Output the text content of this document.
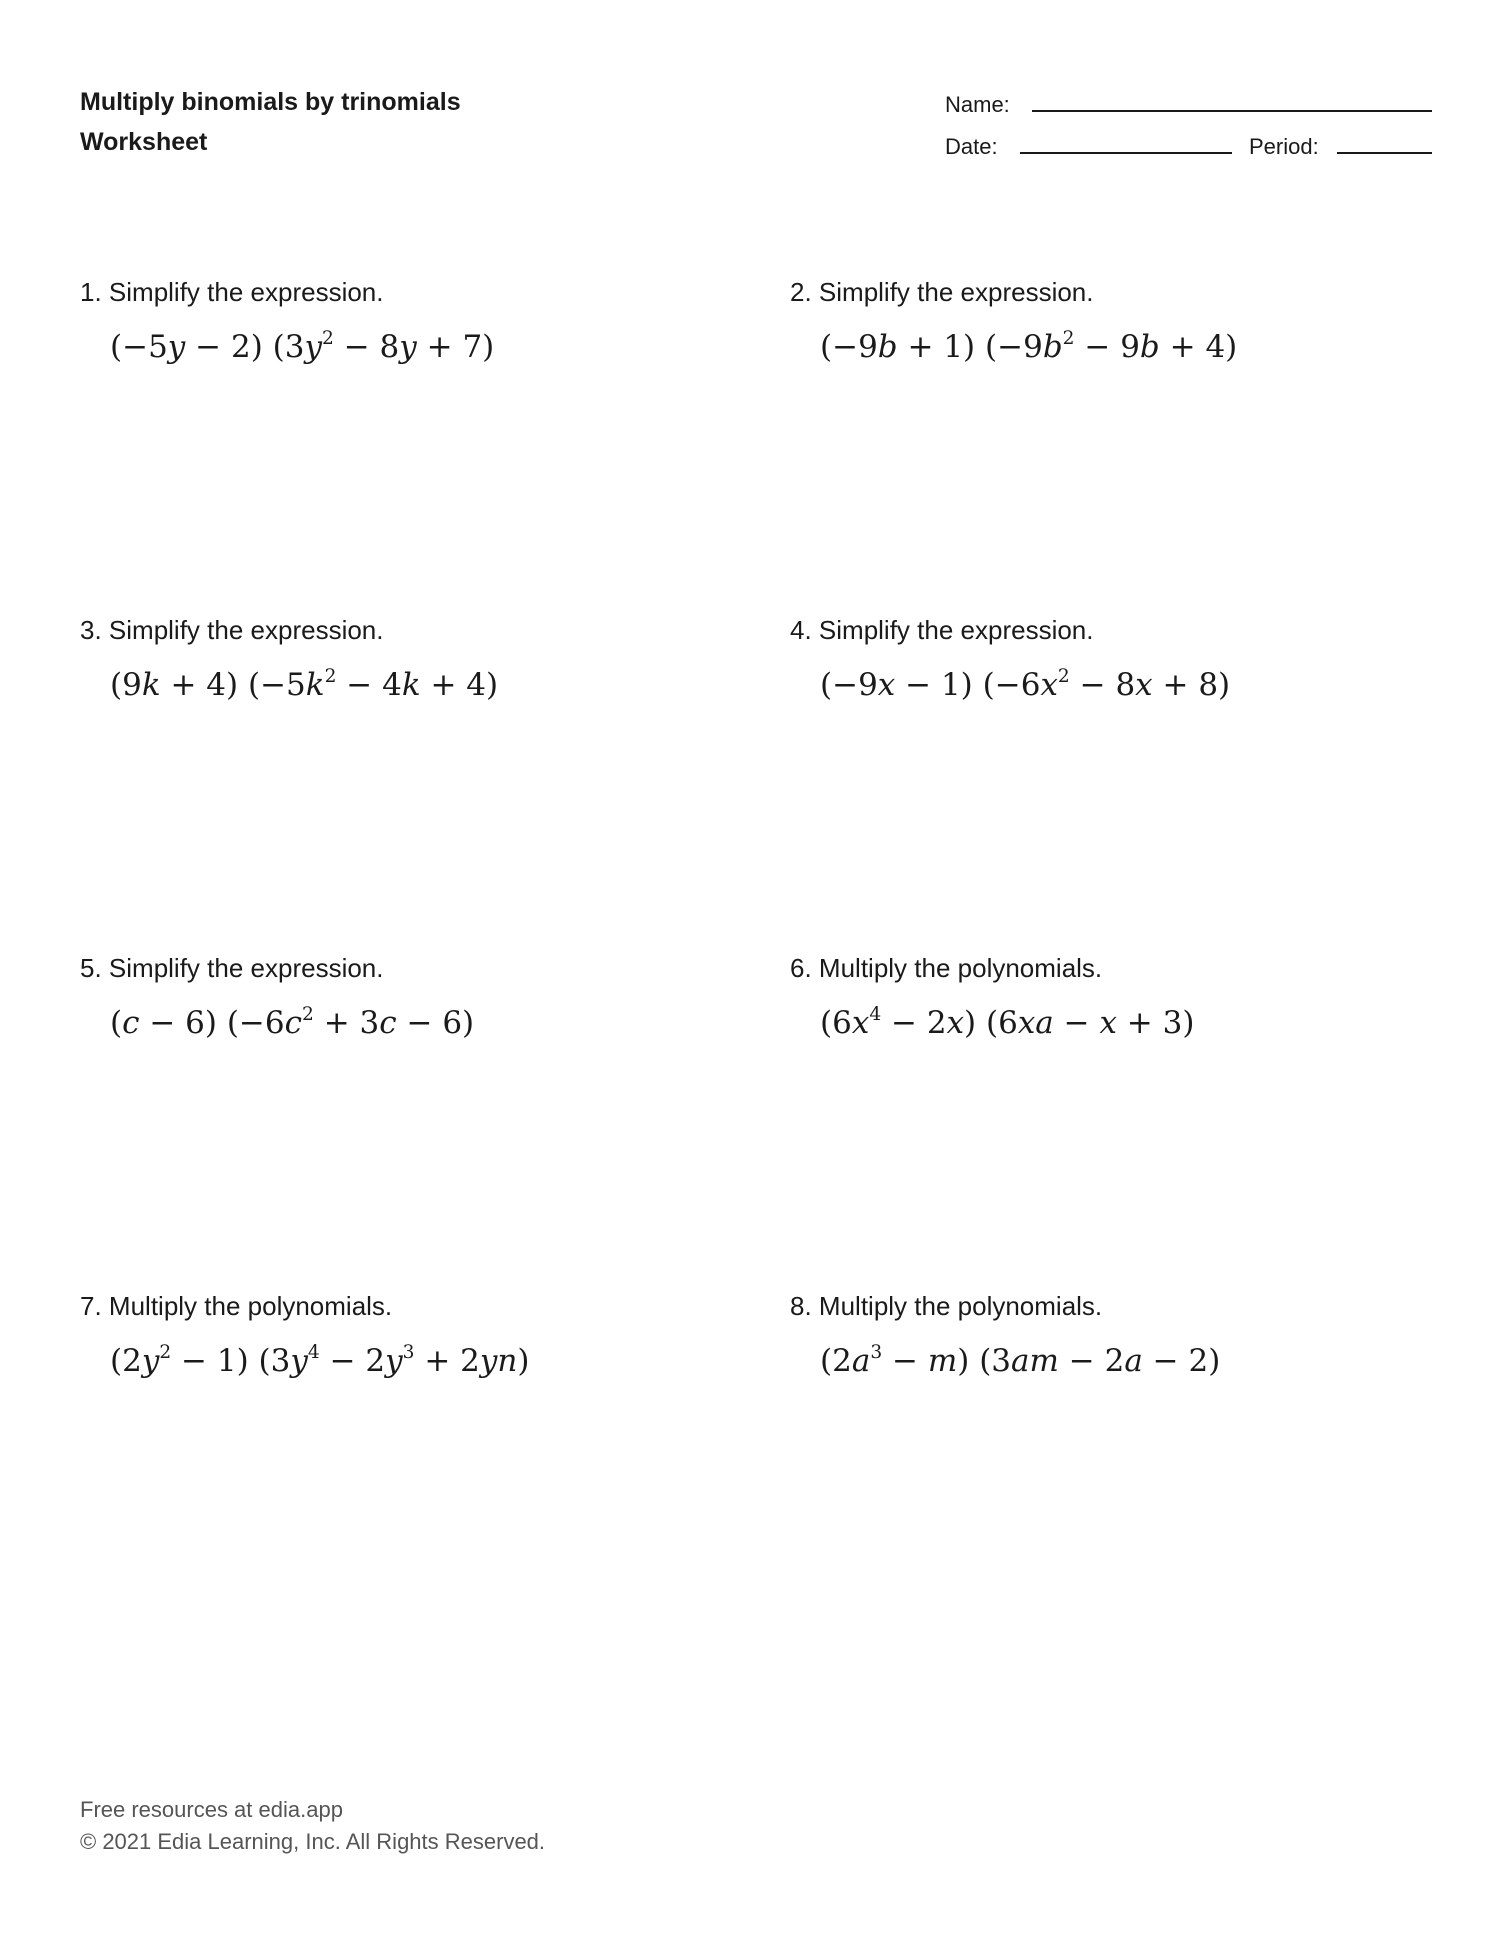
Multiply binomials by trinomials
Worksheet
Name:
Date:	Period:

1. Simplify the expression.

(−5y − 2) $(3y^2 - 8y + 7)$

2. Simplify the expression.

(−9b + 1) $(-9b^2 - 9b + 4)$

3. Simplify the expression.

(9k + 4) $(-5k^2 - 4k + 4)$

4. Simplify the expression.

(−9x − 1) $(-6x^2 - 8x + 8)$

5. Simplify the expression.

(c − 6) $(-6c^2 + 3c - 6)$

6. Multiply the polynomials.

$(6x^4 - 2x) (6xa - x + 3)$

7. Multiply the polynomials.

$(2y^2 - 1) (3y^4 - 2y^3 + 2yn)$

8. Multiply the polynomials.

$(2a^3 - m) (3am - 2a - 2)$
Free resources at edia.app
© 2021 Edia Learning, Inc. All Rights Reserved.
